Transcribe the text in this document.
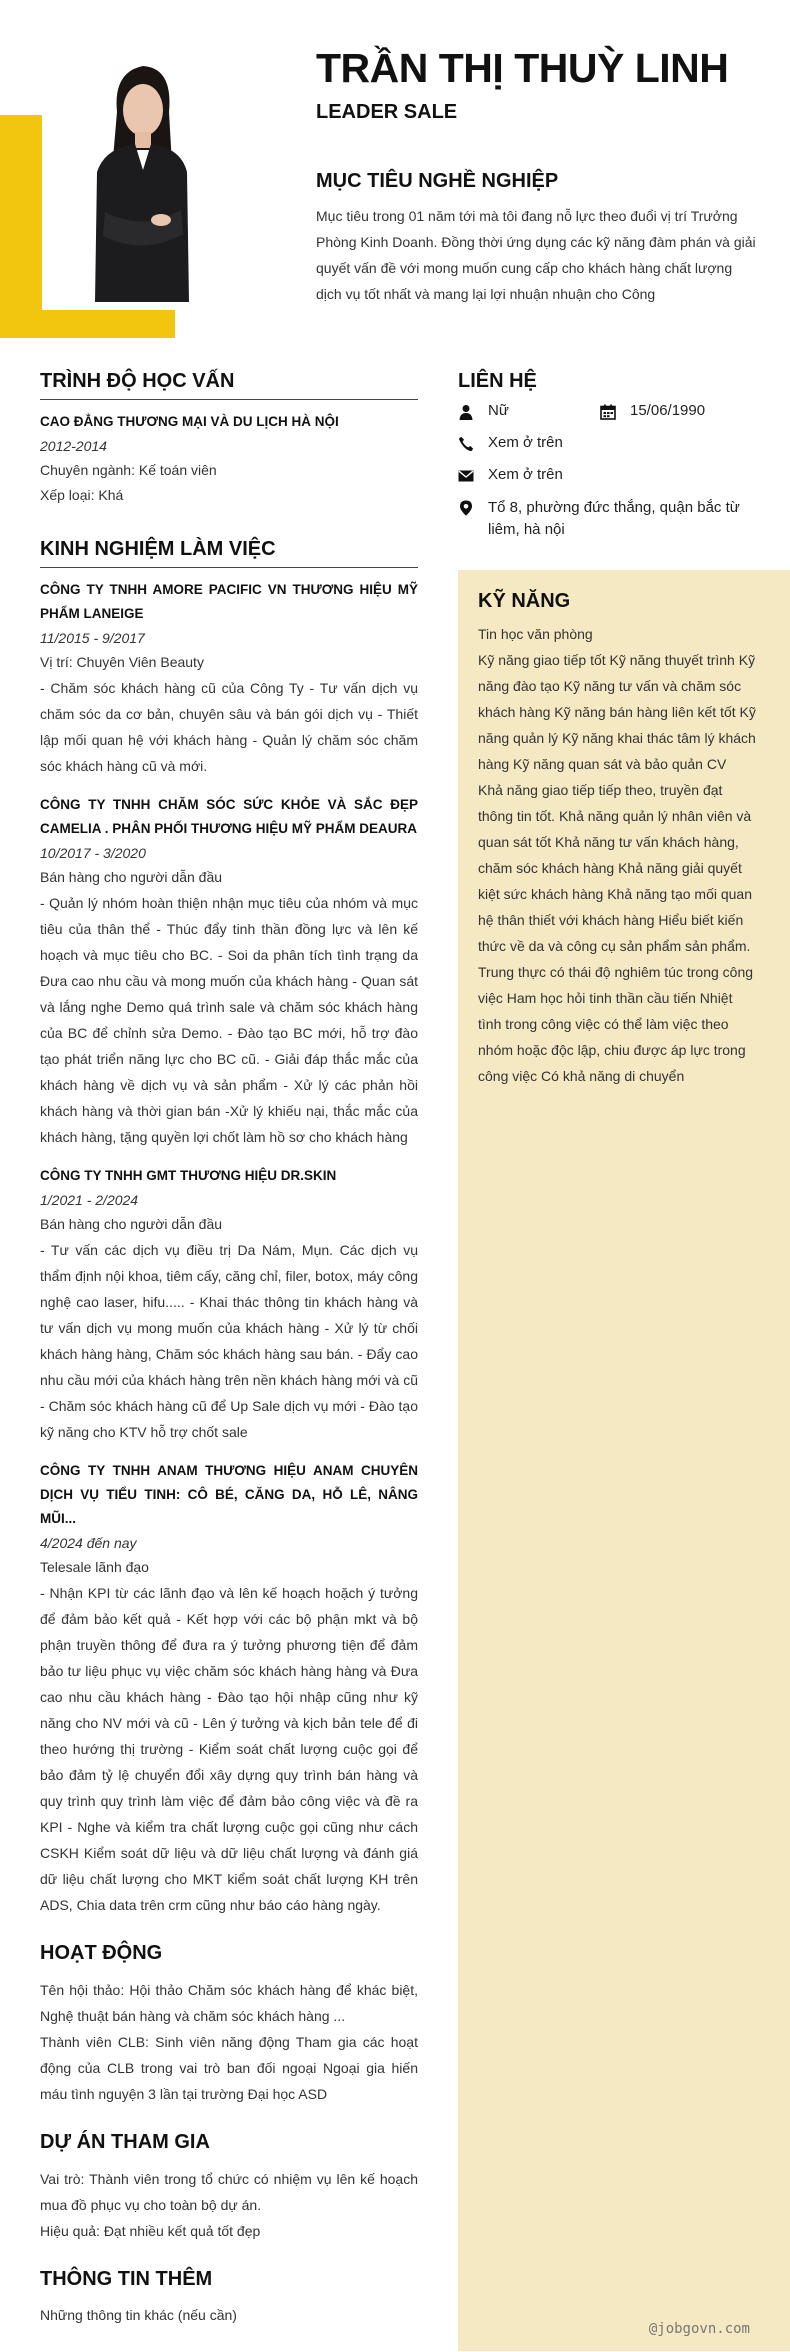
TRẦN THỊ THUỲ LINH
LEADER SALE
MỤC TIÊU NGHỀ NGHIỆP
Mục tiêu trong 01 năm tới mà tôi đang nỗ lực theo đuổi vị trí Trưởng Phòng Kinh Doanh. Đồng thời ứng dụng các kỹ năng đàm phán và giải quyết vấn đề với mong muốn cung cấp cho khách hàng chất lượng dịch vụ tốt nhất và mang lại lợi nhuận nhuận cho Công
TRÌNH ĐỘ HỌC VẤN

CAO ĐẲNG THƯƠNG MẠI VÀ DU LỊCH HÀ NỘI

2012-2014

Chuyên ngành: Kế toán viên

Xếp loại: Khá

KINH NGHIỆM LÀM VIỆC

CÔNG TY TNHH AMORE PACIFIC VN THƯƠNG HIỆU MỸ PHẨM LANEIGE

11/2015 - 9/2017

Vị trí: Chuyên Viên Beauty

- Chăm sóc khách hàng cũ của Công Ty - Tư vấn dịch vụ chăm sóc da cơ bản, chuyên sâu và bán gói dịch vụ - Thiết lập mối quan hệ với khách hàng - Quản lý chăm sóc chăm sóc khách hàng cũ và mới.

CÔNG TY TNHH CHĂM SÓC SỨC KHỎE VÀ SẮC ĐẸP CAMELIA . PHÂN PHỐI THƯƠNG HIỆU MỸ PHẨM DEAURA

10/2017 - 3/2020

Bán hàng cho người dẫn đầu

- Quản lý nhóm hoàn thiện nhận mục tiêu của nhóm và mục tiêu của thân thể - Thúc đẩy tinh thần đồng lực và lên kế hoạch và mục tiêu cho BC. - Soi da phân tích tình trạng da Đưa cao nhu cầu và mong muốn của khách hàng - Quan sát và lắng nghe Demo quá trình sale và chăm sóc khách hàng của BC để chỉnh sửa Demo. - Đào tạo BC mới, hỗ trợ đào tạo phát triển năng lực cho BC cũ. - Giải đáp thắc mắc của khách hàng về dịch vụ và sản phẩm - Xử lý các phản hồi khách hàng và thời gian bán -Xử lý khiếu nại, thắc mắc của khách hàng, tặng quyền lợi chốt làm hồ sơ cho khách hàng

CÔNG TY TNHH GMT THƯƠNG HIỆU DR.SKIN

1/2021 - 2/2024

Bán hàng cho người dẫn đầu

- Tư vấn các dịch vụ điều trị Da Nám, Mụn. Các dịch vụ thẩm định nội khoa, tiêm cấy, căng chỉ, filer, botox, máy công nghệ cao laser, hifu..... - Khai thác thông tin khách hàng và tư vấn dịch vụ mong muốn của khách hàng - Xử lý từ chối khách hàng hàng, Chăm sóc khách hàng sau bán. - Đẩy cao nhu cầu mới của khách hàng trên nền khách hàng mới và cũ - Chăm sóc khách hàng cũ để Up Sale dịch vụ mới - Đào tạo kỹ năng cho KTV hỗ trợ chốt sale

CÔNG TY TNHH ANAM THƯƠNG HIỆU ANAM CHUYÊN DỊCH VỤ TIỂU TINH: CÔ BÉ, CĂNG DA, HỖ LÊ, NÂNG MŨI...

4/2024 đến nay

Telesale lãnh đạo

- Nhận KPI từ các lãnh đạo và lên kế hoạch hoặch ý tưởng để đảm bảo kết quả - Kết hợp với các bộ phận mkt và bộ phận truyền thông để đưa ra ý tưởng phương tiện để đảm bảo tư liệu phục vụ việc chăm sóc khách hàng hàng và Đưa cao nhu cầu khách hàng - Đào tạo hội nhập cũng như kỹ năng cho NV mới và cũ - Lên ý tưởng và kịch bản tele để đi theo hướng thị trường - Kiểm soát chất lượng cuộc gọi để bảo đảm tỷ lệ chuyển đổi xây dựng quy trình bán hàng và quy trình quy trình làm việc để đảm bảo công việc và đề ra KPI - Nghe và kiểm tra chất lượng cuộc gọi cũng như cách CSKH Kiểm soát dữ liệu và dữ liệu chất lượng và đánh giá dữ liệu chất lượng cho MKT kiểm soát chất lượng KH trên ADS, Chia data trên crm cũng như báo cáo hàng ngày.

HOẠT ĐỘNG

Tên hội thảo: Hội thảo Chăm sóc khách hàng để khác biệt, Nghệ thuật bán hàng và chăm sóc khách hàng ...

Thành viên CLB: Sinh viên năng động Tham gia các hoạt động của CLB trong vai trò ban đối ngoại Ngoại gia hiến máu tình nguyện 3 lần tại trường Đại học ASD

DỰ ÁN THAM GIA

Vai trò: Thành viên trong tổ chức có nhiệm vụ lên kế hoạch mua đồ phục vụ cho toàn bộ dự án.

Hiệu quả: Đạt nhiều kết quả tốt đẹp

THÔNG TIN THÊM

Những thông tin khác (nếu cần)

LIÊN HỆ
Nữ	15/06/1990
Xem ở trên
Xem ở trên
Tổ 8, phường đức thắng, quận bắc từ liêm, hà nội
KỸ NĂNG

Tin học văn phòng

Kỹ năng giao tiếp tốt Kỹ năng thuyết trình Kỹ năng đào tạo Kỹ năng tư vấn và chăm sóc khách hàng Kỹ năng bán hàng liên kết tốt Kỹ năng quản lý Kỹ năng khai thác tâm lý khách hàng Kỹ năng quan sát và bảo quản CV

Khả năng giao tiếp tiếp theo, truyền đạt thông tin tốt. Khả năng quản lý nhân viên và quan sát tốt Khả năng tư vấn khách hàng, chăm sóc khách hàng Khả năng giải quyết kiệt sức khách hàng Khả năng tạo mối quan hệ thân thiết với khách hàng Hiểu biết kiến thức về da và công cụ sản phẩm sản phẩm. Trung thực có thái độ nghiêm túc trong công việc Ham học hỏi tinh thần cầu tiến Nhiệt tình trong công việc có thể làm việc theo nhóm hoặc độc lập, chiu được áp lực trong công việc Có khả năng di chuyển

@jobgovn.com
